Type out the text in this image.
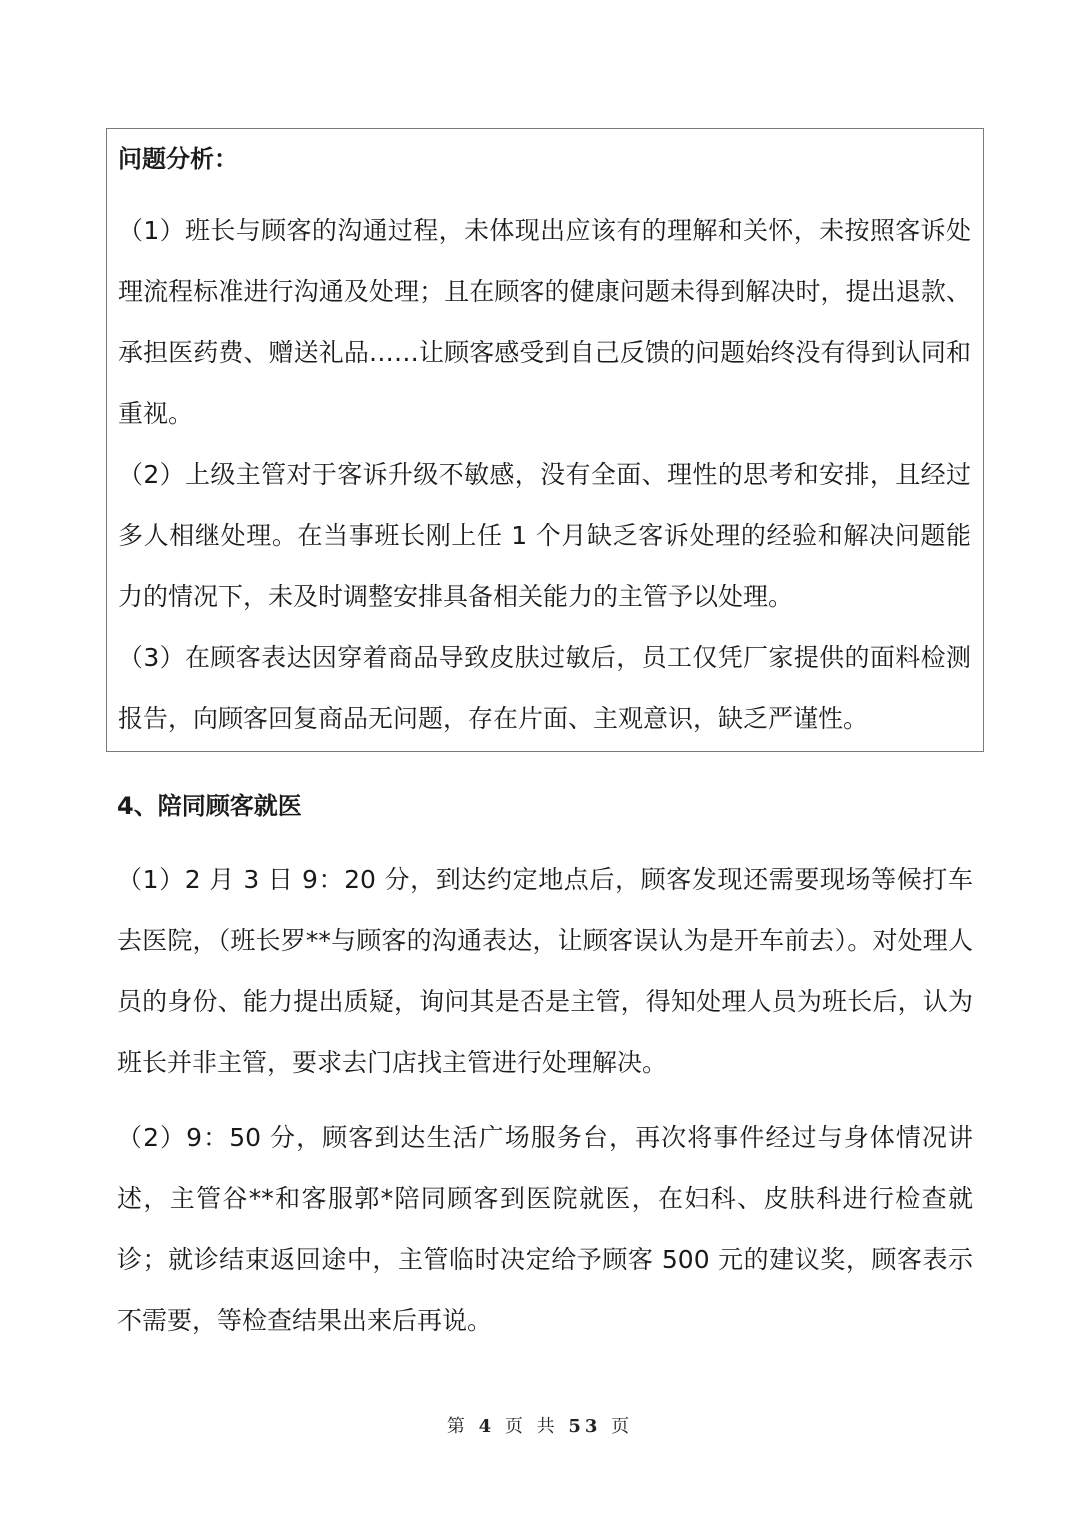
问题分析：

（1）班长与顾客的沟通过程，未体现出应该有的理解和关怀，未按照客诉处理流程标准进行沟通及处理；且在顾客的健康问题未得到解决时，提出退款、承担医药费、赠送礼品……让顾客感受到自己反馈的问题始终没有得到认同和重视。

（2）上级主管对于客诉升级不敏感，没有全面、理性的思考和安排，且经过多人相继处理。在当事班长刚上任 1 个月缺乏客诉处理的经验和解决问题能力的情况下，未及时调整安排具备相关能力的主管予以处理。

（3）在顾客表达因穿着商品导致皮肤过敏后，员工仅凭厂家提供的面料检测报告，向顾客回复商品无问题，存在片面、主观意识，缺乏严谨性。

4、陪同顾客就医

（1）2 月 3 日 9：20 分，到达约定地点后，顾客发现还需要现场等候打车去医院，（班长罗**与顾客的沟通表达，让顾客误认为是开车前去）。对处理人员的身份、能力提出质疑，询问其是否是主管，得知处理人员为班长后，认为班长并非主管，要求去门店找主管进行处理解决。

（2）9：50 分，顾客到达生活广场服务台，再次将事件经过与身体情况讲述，主管谷**和客服郭*陪同顾客到医院就医，在妇科、皮肤科进行检查就诊；就诊结束返回途中，主管临时决定给予顾客 500 元的建议奖，顾客表示不需要，等检查结果出来后再说。

第 4 页 共 53 页
